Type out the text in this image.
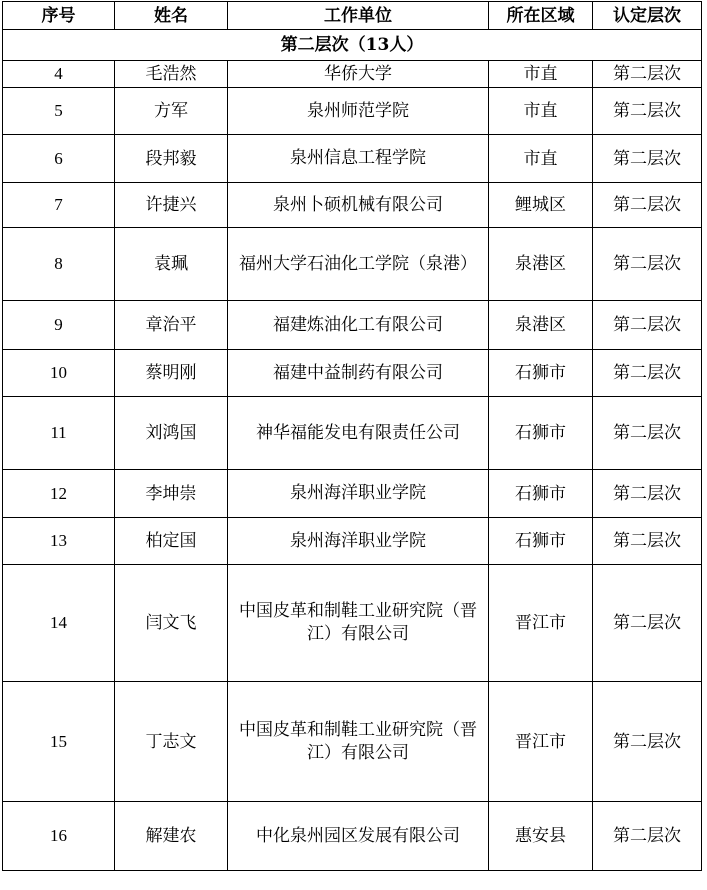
序号	姓名	工作单位	所在区域	认定层次
第二层次（13人）				
4	毛浩然	华侨大学	市直	第二层次
5	方军	泉州师范学院	市直	第二层次
6	段邦毅	泉州信息工程学院	市直	第二层次
7	许捷兴	泉州卜硕机械有限公司	鲤城区	第二层次
8	袁珮	福州大学石油化工学院（泉港）	泉港区	第二层次
9	章治平	福建炼油化工有限公司	泉港区	第二层次
10	蔡明刚	福建中益制药有限公司	石狮市	第二层次
11	刘鸿国	神华福能发电有限责任公司	石狮市	第二层次
12	李坤崇	泉州海洋职业学院	石狮市	第二层次
13	柏定国	泉州海洋职业学院	石狮市	第二层次
14	闫文飞	中国皮革和制鞋工业研究院（晋江）有限公司	晋江市	第二层次
15	丁志文	中国皮革和制鞋工业研究院（晋江）有限公司	晋江市	第二层次
16	解建农	中化泉州园区发展有限公司	惠安县	第二层次
